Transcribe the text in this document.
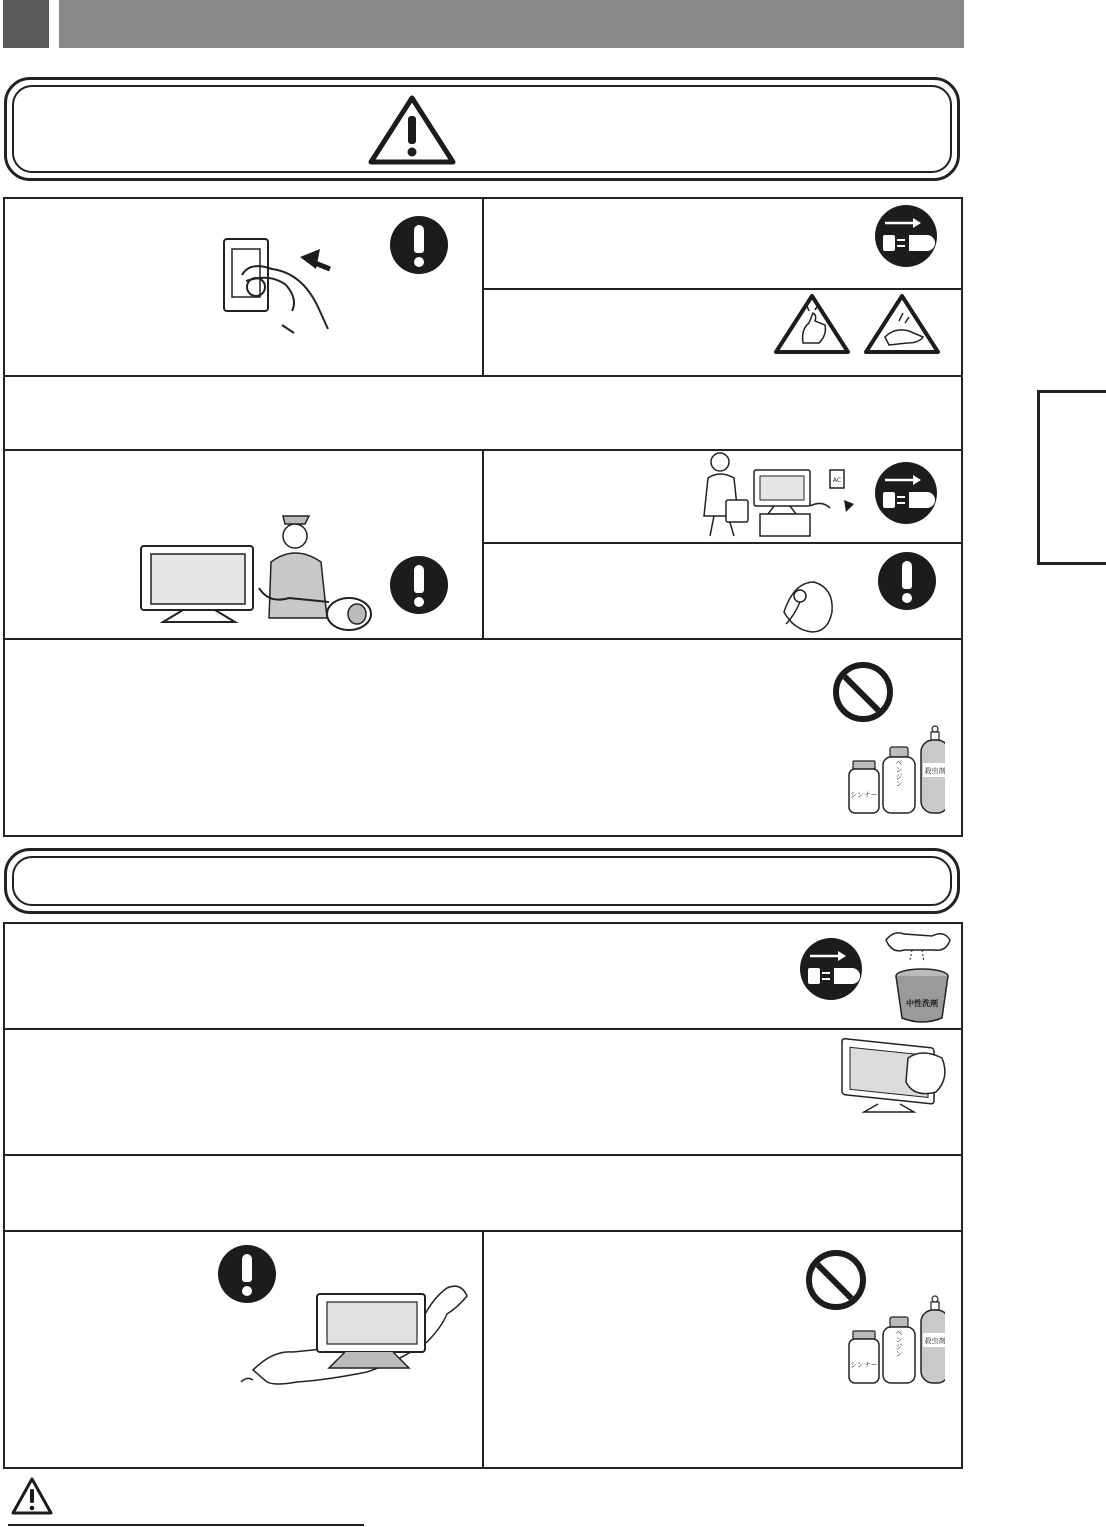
AC
シンナー
ベンジン	殺虫剤
中性洗剤
シンナー
ベンジン	殺虫剤
